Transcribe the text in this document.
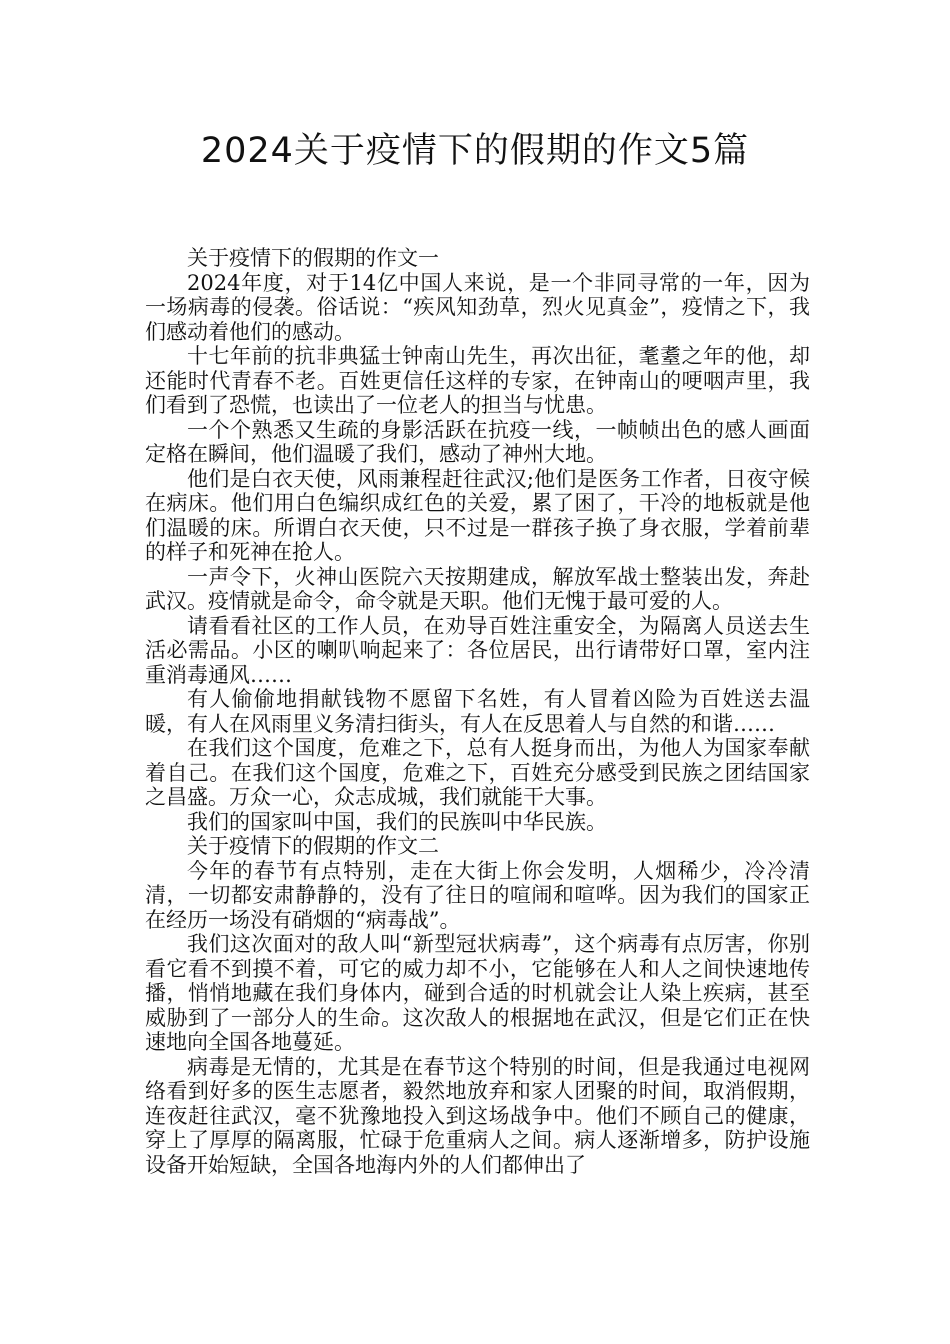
2024关于疫情下的假期的作文5篇

关于疫情下的假期的作文一

2024年度，对于14亿中国人来说，是一个非同寻常的一年，因为一场病毒的侵袭。俗话说：“疾风知劲草，烈火见真金”，疫情之下，我们感动着他们的感动。

十七年前的抗非典猛士钟南山先生，再次出征，耄耋之年的他，却还能时代青春不老。百姓更信任这样的专家，在钟南山的哽咽声里，我们看到了恐慌，也读出了一位老人的担当与忧患。

一个个熟悉又生疏的身影活跃在抗疫一线，一帧帧出色的感人画面定格在瞬间，他们温暖了我们，感动了神州大地。

他们是白衣天使，风雨兼程赶往武汉;他们是医务工作者，日夜守候在病床。他们用白色编织成红色的关爱，累了困了，干冷的地板就是他们温暖的床。所谓白衣天使，只不过是一群孩子换了身衣服，学着前辈的样子和死神在抢人。

一声令下，火神山医院六天按期建成，解放军战士整装出发，奔赴武汉。疫情就是命令，命令就是天职。他们无愧于最可爱的人。

请看看社区的工作人员，在劝导百姓注重安全，为隔离人员送去生活必需品。小区的喇叭响起来了：各位居民，出行请带好口罩，室内注重消毒通风……

有人偷偷地捐献钱物不愿留下名姓，有人冒着凶险为百姓送去温暖，有人在风雨里义务清扫街头，有人在反思着人与自然的和谐……

在我们这个国度，危难之下，总有人挺身而出，为他人为国家奉献着自己。在我们这个国度，危难之下，百姓充分感受到民族之团结国家之昌盛。万众一心，众志成城，我们就能干大事。

我们的国家叫中国，我们的民族叫中华民族。

关于疫情下的假期的作文二

今年的春节有点特别，走在大街上你会发明，人烟稀少，冷冷清清，一切都安肃静静的，没有了往日的喧闹和喧哗。因为我们的国家正在经历一场没有硝烟的“病毒战”。

我们这次面对的敌人叫“新型冠状病毒”，这个病毒有点厉害，你别看它看不到摸不着，可它的威力却不小，它能够在人和人之间快速地传播，悄悄地藏在我们身体内，碰到合适的时机就会让人染上疾病，甚至威胁到了一部分人的生命。这次敌人的根据地在武汉，但是它们正在快速地向全国各地蔓延。

病毒是无情的，尤其是在春节这个特别的时间，但是我通过电视网络看到好多的医生志愿者，毅然地放弃和家人团聚的时间，取消假期，连夜赶往武汉，毫不犹豫地投入到这场战争中。他们不顾自己的健康，穿上了厚厚的隔离服，忙碌于危重病人之间。病人逐渐增多，防护设施设备开始短缺，全国各地海内外的人们都伸出了
